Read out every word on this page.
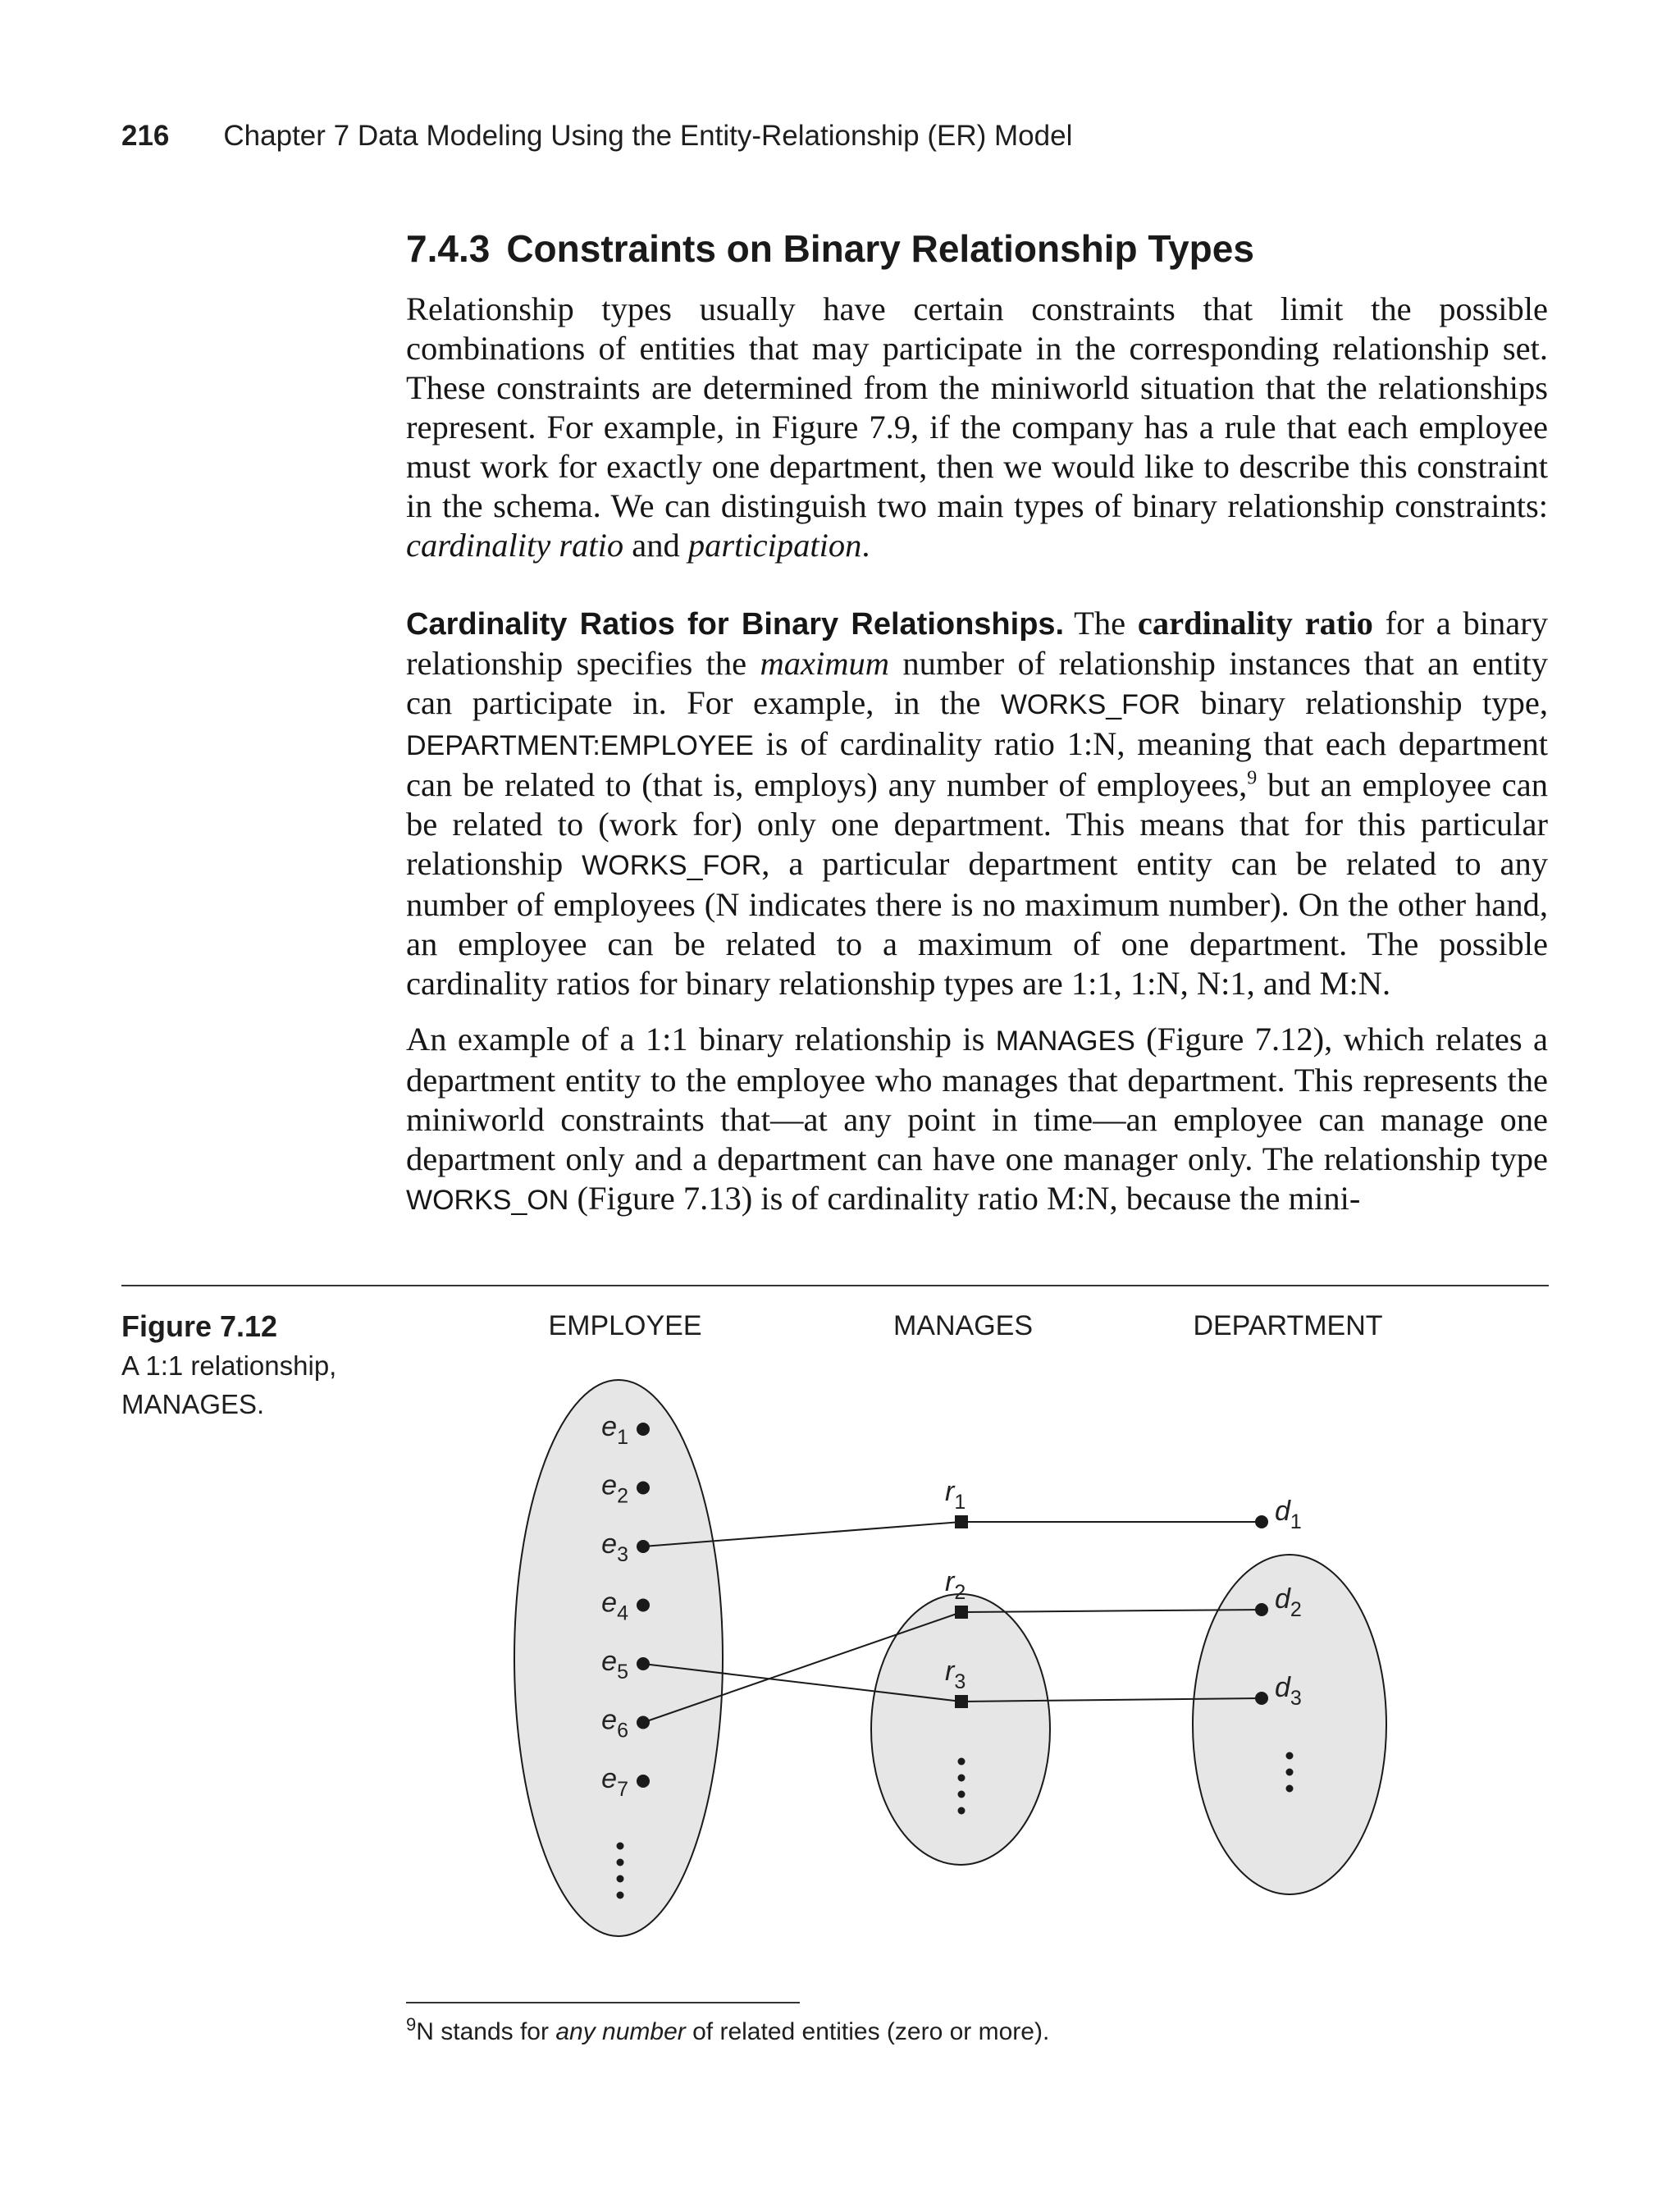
216 Chapter 7 Data Modeling Using the Entity-Relationship (ER) Model
7.4.3 Constraints on Binary Relationship Types

Relationship types usually have certain constraints that limit the possible combinations of entities that may participate in the corresponding relationship set. These constraints are determined from the miniworld situation that the relationships represent. For example, in Figure 7.9, if the company has a rule that each employee must work for exactly one department, then we would like to describe this constraint in the schema. We can distinguish two main types of binary relationship constraints: cardinality ratio and participation.

Cardinality Ratios for Binary Relationships. The cardinality ratio for a binary relationship specifies the maximum number of relationship instances that an entity can participate in. For example, in the WORKS_FOR binary relationship type, DEPARTMENT:EMPLOYEE is of cardinality ratio 1:N, meaning that each department can be related to (that is, employs) any number of employees,$^9$ but an employee can be related to (work for) only one department. This means that for this particular relationship WORKS_FOR, a particular department entity can be related to any number of employees (N indicates there is no maximum number). On the other hand, an employee can be related to a maximum of one department. The possible cardinality ratios for binary relationship types are 1:1, 1:N, N:1, and M:N.

An example of a 1:1 binary relationship is MANAGES (Figure 7.12), which relates a department entity to the employee who manages that department. This represents the miniworld constraints that—at any point in time—an employee can manage one department only and a department can have one manager only. The relationship type WORKS_ON (Figure 7.13) is of cardinality ratio M:N, because the mini-

Figure 7.12
A 1:1 relationship, MANAGES.
EMPLOYEE	MANAGES	DEPARTMENT
$e_1$
$e_2$
$e_3$
$e_4$
$e_5$
$e_6$
$e_7$
$r_1$
$r_2$
$r_3$
$d_1$
$d_2$
$d_3$
$^9$N stands for any number of related entities (zero or more).
